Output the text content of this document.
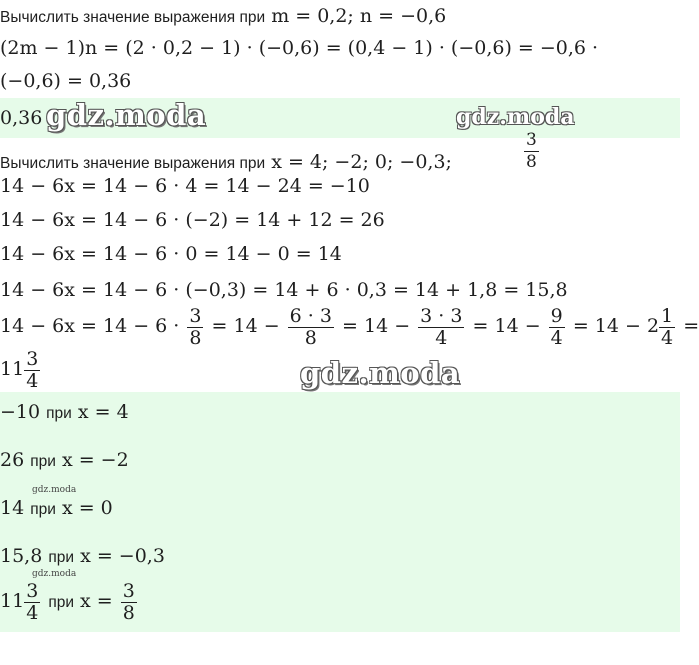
Вычислить значение выражения при m = 0,2; n = −0,6
(2m − 1)n = (2 · 0,2 − 1) · (−0,6) = (0,4 − 1) · (−0,6) = −0,6 ·
(−0,6) = 0,36
0,36 gdz.moda	gdz.moda
Вычислить значение выражения при x = 4; −2; 0; −0,3;	$\frac{3}{8}$
14 − 6x = 14 − 6 · 4 = 14 − 24 = −10
14 − 6x = 14 − 6 · (−2) = 14 + 12 = 26
14 − 6x = 14 − 6 · 0 = 14 − 0 = 14
14 − 6x = 14 − 6 · (−0,3) = 14 + 6 · 0,3 = 14 + 1,8 = 15,8
$14 - 6x = 14 - 6 \cdot \frac{3}{8} = 14 - \frac{6 \cdot 3}{8} = 14 - \frac{3 \cdot 3}{4} = 14 - \frac{9}{4} = 14 - 2 \frac{1}{4}$ =
$11 \frac{3}{4}$	gdz.moda
−10 при x = 4
26 при x = −2
gdz.moda
14 при x = 0
15,8 при x = −0,3
gdz.moda
$11 \frac{3}{4}$ при $x = \frac{3}{8}$
